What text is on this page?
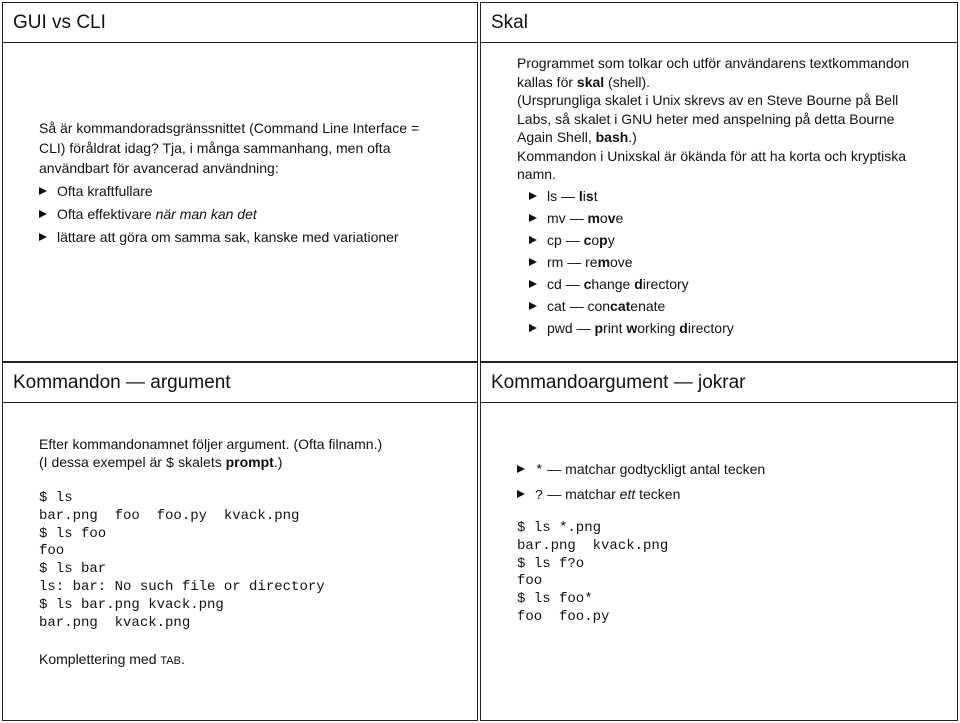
GUI vs CLI
Så är kommandoradsgränssnittet (Command Line Interface = CLI) föråldrat idag? Tja, i många sammanhang, men ofta användbart för avancerad användning:
Ofta kraftfullare
Ofta effektivare när man kan det
lättare att göra om samma sak, kanske med variationer
Skal
Programmet som tolkar och utför användarens textkommandon kallas för skal (shell).
(Ursprungliga skalet i Unix skrevs av en Steve Bourne på Bell Labs, så skalet i GNU heter med anspelning på detta Bourne Again Shell, bash.)
Kommandon i Unixskal är ökända för att ha korta och kryptiska namn.
ls
—
l i s t
mv
—
m o v e
cp
—
c o p y
rm
—
re m ove
cd
—
c hange d irectory
cat
—
con cat enate
pwd
—
p rint w orking d irectory
Kommandon — argument
Efter kommandonamnet följer argument. (Ofta filnamn.)
(I dessa exempel är $ skalets prompt.)
$ ls
bar.png  foo  foo.py  kvack.png
$ ls foo
foo
$ ls bar
ls: bar: No such file or directory
$ ls bar.png kvack.png
bar.png  kvack.png
Komplettering med TAB.
Kommandoargument — jokrar
* — matchar godtyckligt antal tecken
? — matchar ett tecken
$ ls *.png
bar.png  kvack.png
$ ls f?o
foo
$ ls foo*
foo  foo.py
